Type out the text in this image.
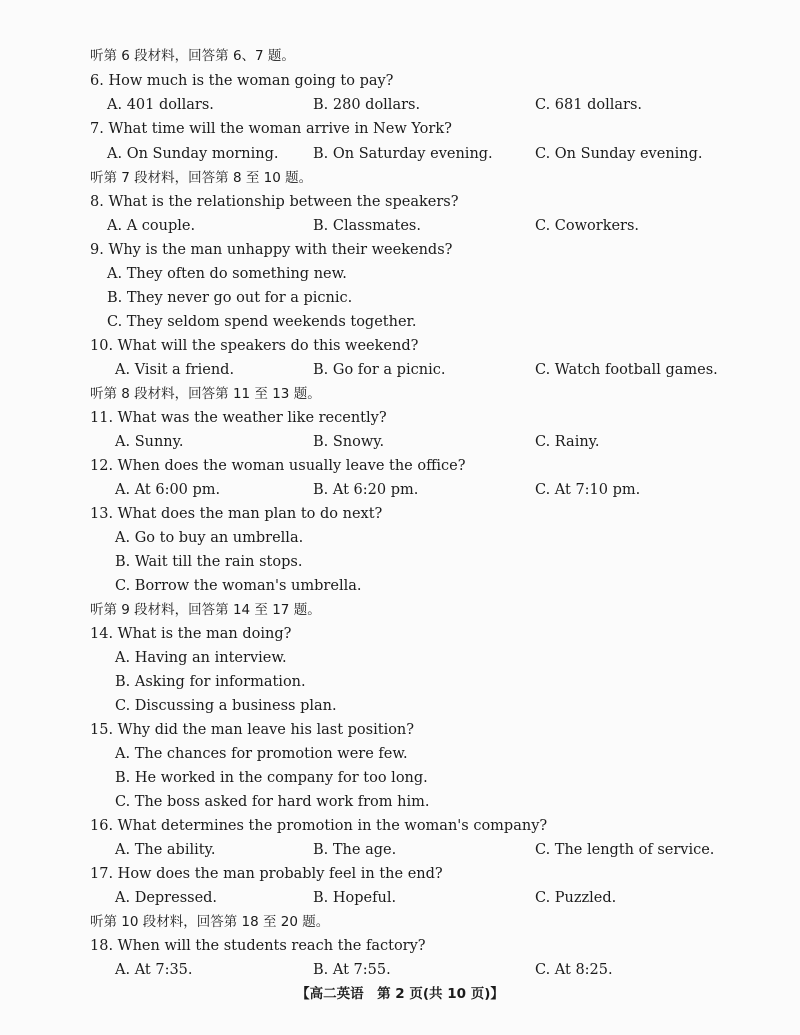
听第 6 段材料，回答第 6、7 题。
6. How much is the woman going to pay?
A. 401 dollars.	B. 280 dollars.	C. 681 dollars.
7. What time will the woman arrive in New York?
A. On Sunday morning. B. On Saturday evening.	C. On Sunday evening.
听第 7 段材料，回答第 8 至 10 题。
8. What is the relationship between the speakers?
A. A couple.	B. Classmates.	C. Coworkers.
9. Why is the man unhappy with their weekends?
A. They often do something new.
B. They never go out for a picnic.
C. They seldom spend weekends together.
10. What will the speakers do this weekend?
A. Visit a friend.	B. Go for a picnic.	C. Watch football games.
听第 8 段材料，回答第 11 至 13 题。
11. What was the weather like recently?
A. Sunny.	B. Snowy.	C. Rainy.
12. When does the woman usually leave the office?
A. At 6:00 pm.	B. At 6:20 pm.	C. At 7:10 pm.
13. What does the man plan to do next?
A. Go to buy an umbrella.
B. Wait till the rain stops.
C. Borrow the woman's umbrella.
听第 9 段材料，回答第 14 至 17 题。
14. What is the man doing?
A. Having an interview.
B. Asking for information.
C. Discussing a business plan.
15. Why did the man leave his last position?
A. The chances for promotion were few.
B. He worked in the company for too long.
C. The boss asked for hard work from him.
16. What determines the promotion in the woman's company?
A. The ability.	B. The age.	C. The length of service.
17. How does the man probably feel in the end?
A. Depressed.	B. Hopeful.	C. Puzzled.
听第 10 段材料，回答第 18 至 20 题。
18. When will the students reach the factory?
A. At 7:35.	B. At 7:55.	C. At 8:25.
【高二英语　第 2 页(共 10 页)】
